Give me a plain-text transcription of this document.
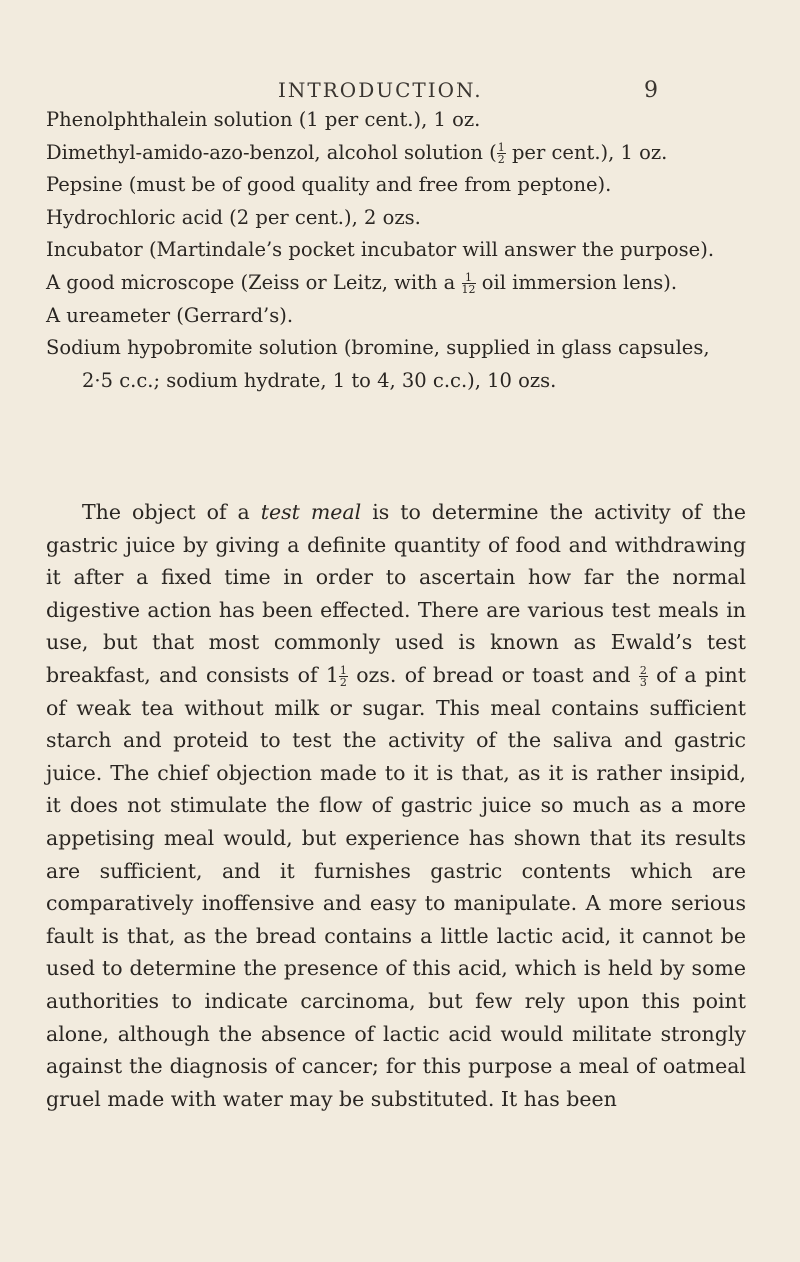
INTRODUCTION.	9

Phenolphthalein solution (1 per cent.), 1 oz.

Dimethyl-amido-azo-benzol, alcohol solution ( $\frac{1}{2}$ per cent.), 1 oz.

Pepsine (must be of good quality and free from peptone).

Hydrochloric acid (2 per cent.), 2 ozs.

Incubator (Martindale’s pocket incubator will answer the purpose).

A good microscope (Zeiss or Leitz, with a $\frac{1}{12}$ oil immersion lens).

A ureameter (Gerrard’s).

Sodium hypobromite solution (bromine, supplied in glass capsules, 2·5 c.c.; sodium hydrate, 1 to 4, 30 c.c.), 10 ozs.

The object of a test meal is to determine the activity of the gastric juice by giving a definite quantity of food and withdrawing it after a fixed time in order to ascertain how far the normal digestive action has been effected. There are various test meals in use, but that most commonly used is known as Ewald’s test breakfast, and consists of $1 \frac{1}{2}$ ozs. of bread or toast and $\frac{2}{3}$ of a pint of weak tea without milk or sugar. This meal contains sufficient starch and proteid to test the activity of the saliva and gastric juice. The chief objection made to it is that, as it is rather insipid, it does not stimulate the flow of gastric juice so much as a more appetising meal would, but experience has shown that its results are sufficient, and it furnishes gastric contents which are comparatively inoffensive and easy to manipulate. A more serious fault is that, as the bread contains a little lactic acid, it cannot be used to determine the presence of this acid, which is held by some authorities to indicate carcinoma, but few rely upon this point alone, although the absence of lactic acid would militate strongly against the diagnosis of cancer; for this purpose a meal of oatmeal gruel made with water may be substituted. It has been
